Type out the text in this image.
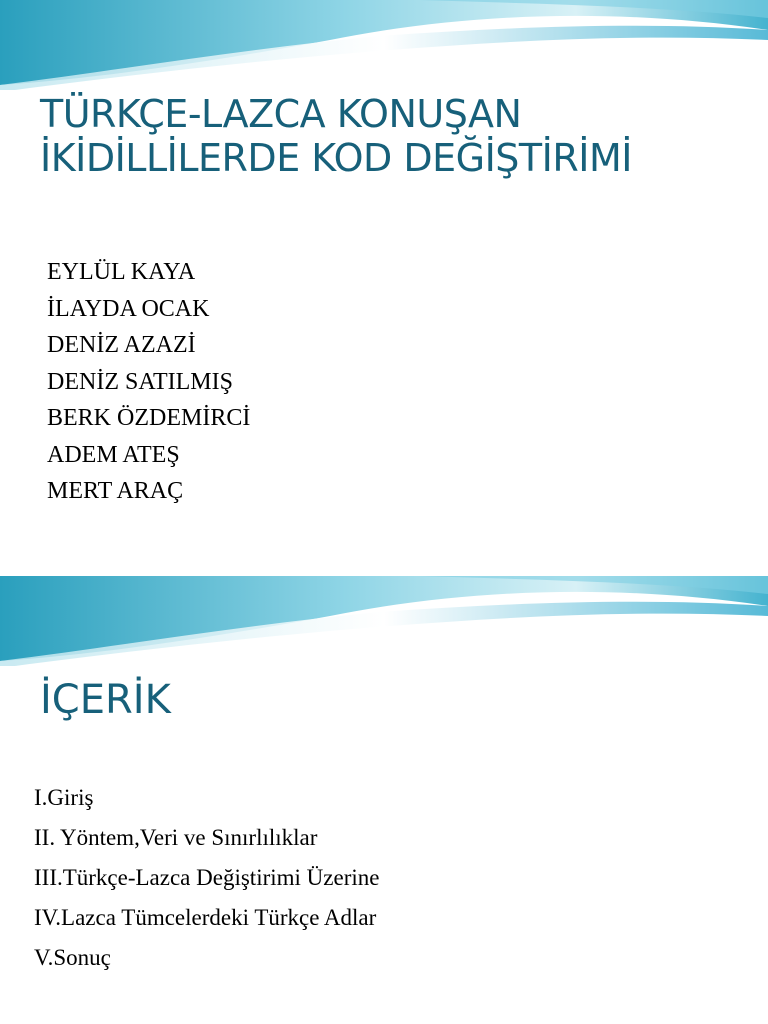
TÜRKÇE-LAZCA KONUŞAN
İKİDİLLİLERDE KOD DEĞİŞTİRİMİ
EYLÜL KAYA
İLAYDA OCAK
DENİZ AZAZİ
DENİZ SATILMIŞ
BERK ÖZDEMİRCİ
ADEM ATEŞ
MERT ARAÇ
İÇERİK
I.Giriş
II. Yöntem,Veri ve Sınırlılıklar
III.Türkçe-Lazca Değiştirimi Üzerine
IV.Lazca Tümcelerdeki Türkçe Adlar
V.Sonuç
